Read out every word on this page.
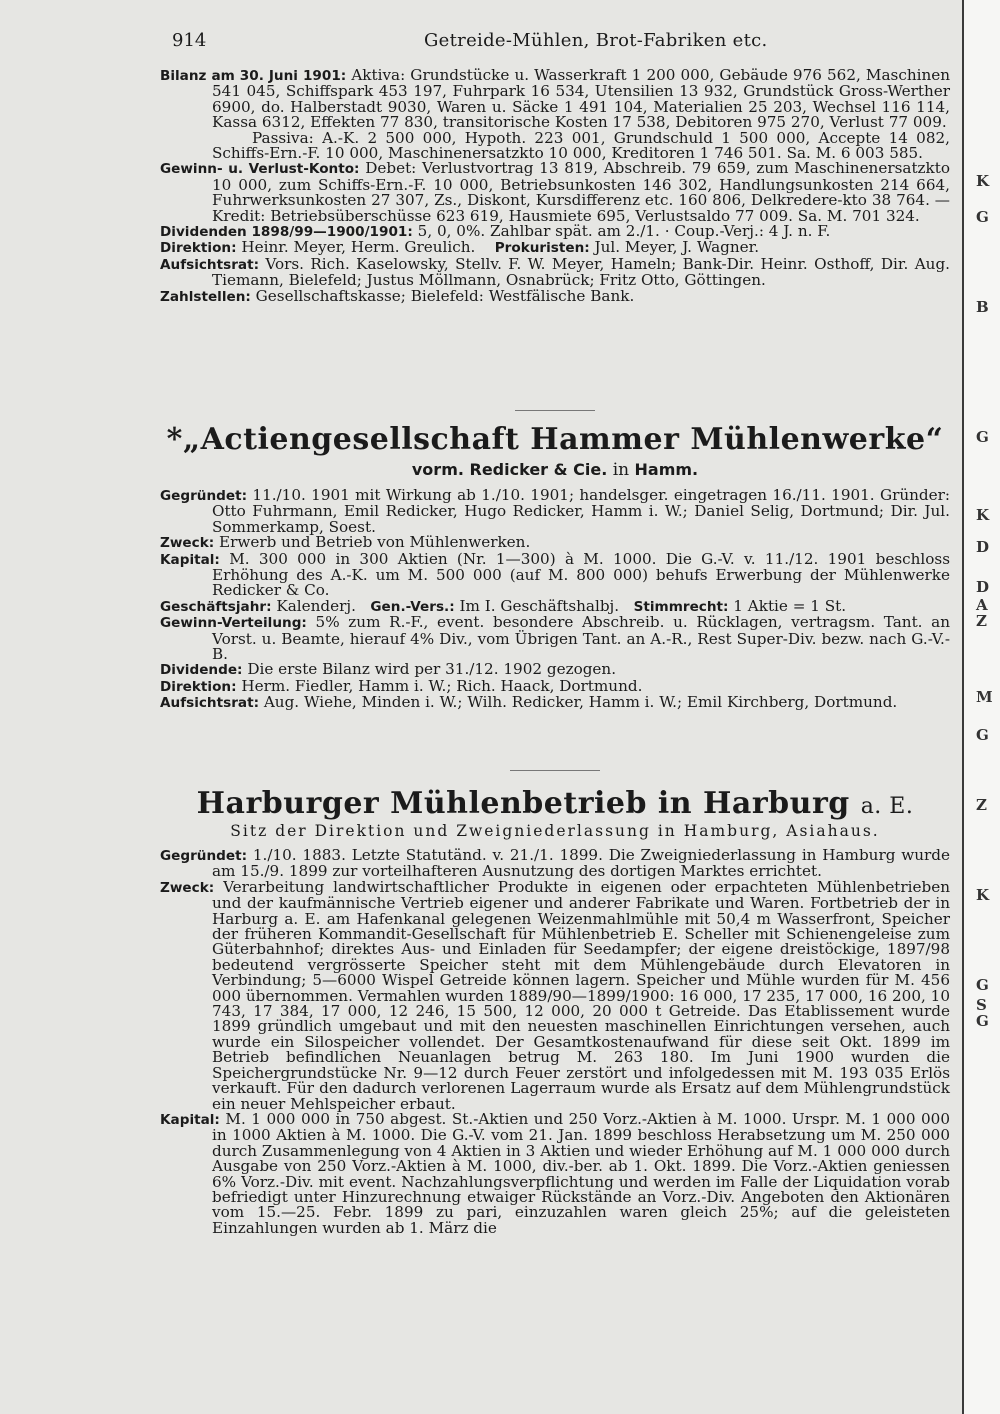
914	Getreide-Mühlen, Brot-Fabriken etc.

Bilanz am 30. Juni 1901: Aktiva: Grundstücke u. Wasserkraft 1 200 000, Gebäude 976 562, Maschinen 541 045, Schiffspark 453 197, Fuhrpark 16 534, Utensilien 13 932, Grundstück Gross-Werther 6900, do. Halberstadt 9030, Waren u. Säcke 1 491 104, Materialien 25 203, Wechsel 116 114, Kassa 6312, Effekten 77 830, transitorische Kosten 17 538, Debitoren 975 270, Verlust 77 009.

Passiva: A.-K. 2 500 000, Hypoth. 223 001, Grundschuld 1 500 000, Accepte 14 082, Schiffs-Ern.-F. 10 000, Maschinenersatzkto 10 000, Kreditoren 1 746 501. Sa. M. 6 003 585.

Gewinn- u. Verlust-Konto: Debet: Verlustvortrag 13 819, Abschreib. 79 659, zum Maschinenersatzkto 10 000, zum Schiffs-Ern.-F. 10 000, Betriebsunkosten 146 302, Handlungsunkosten 214 664, Fuhrwerksunkosten 27 307, Zs., Diskont, Kursdifferenz etc. 160 806, Delkredere-kto 38 764. — Kredit: Betriebsüberschüsse 623 619, Hausmiete 695, Verlustsaldo 77 009. Sa. M. 701 324.

Dividenden 1898/99—1900/1901: 5, 0, 0%. Zahlbar spät. am 2./1. · Coup.-Verj.: 4 J. n. F.

Direktion: Heinr. Meyer, Herm. Greulich. Prokuristen: Jul. Meyer, J. Wagner.

Aufsichtsrat: Vors. Rich. Kaselowsky, Stellv. F. W. Meyer, Hameln; Bank-Dir. Heinr. Osthoff, Dir. Aug. Tiemann, Bielefeld; Justus Möllmann, Osnabrück; Fritz Otto, Göttingen.

Zahlstellen: Gesellschaftskasse; Bielefeld: Westfälische Bank.

*„Actiengesellschaft Hammer Mühlenwerke“
vorm. Redicker & Cie. in Hamm.

Gegründet: 11./10. 1901 mit Wirkung ab 1./10. 1901; handelsger. eingetragen 16./11. 1901. Gründer: Otto Fuhrmann, Emil Redicker, Hugo Redicker, Hamm i. W.; Daniel Selig, Dortmund; Dir. Jul. Sommerkamp, Soest.

Zweck: Erwerb und Betrieb von Mühlenwerken.

Kapital: M. 300 000 in 300 Aktien (Nr. 1—300) à M. 1000. Die G.-V. v. 11./12. 1901 beschloss Erhöhung des A.-K. um M. 500 000 (auf M. 800 000) behufs Erwerbung der Mühlenwerke Redicker & Co.

Geschäftsjahr: Kalenderj. Gen.-Vers.: Im I. Geschäftshalbj. Stimmrecht: 1 Aktie = 1 St.

Gewinn-Verteilung: 5% zum R.-F., event. besondere Abschreib. u. Rücklagen, vertragsm. Tant. an Vorst. u. Beamte, hierauf 4% Div., vom Übrigen Tant. an A.-R., Rest Super-Div. bezw. nach G.-V.-B.

Dividende: Die erste Bilanz wird per 31./12. 1902 gezogen.

Direktion: Herm. Fiedler, Hamm i. W.; Rich. Haack, Dortmund.

Aufsichtsrat: Aug. Wiehe, Minden i. W.; Wilh. Redicker, Hamm i. W.; Emil Kirchberg, Dortmund.

Harburger Mühlenbetrieb in Harburg a. E.
Sitz der Direktion und Zweigniederlassung in Hamburg, Asiahaus.

Gegründet: 1./10. 1883. Letzte Statutänd. v. 21./1. 1899. Die Zweigniederlassung in Hamburg wurde am 15./9. 1899 zur vorteilhafteren Ausnutzung des dortigen Marktes errichtet.

Zweck: Verarbeitung landwirtschaftlicher Produkte in eigenen oder erpachteten Mühlenbetrieben und der kaufmännische Vertrieb eigener und anderer Fabrikate und Waren. Fortbetrieb der in Harburg a. E. am Hafenkanal gelegenen Weizenmahlmühle mit 50,4 m Wasserfront, Speicher der früheren Kommandit-Gesellschaft für Mühlenbetrieb E. Scheller mit Schienengeleise zum Güterbahnhof; direktes Aus- und Einladen für Seedampfer; der eigene dreistöckige, 1897/98 bedeutend vergrösserte Speicher steht mit dem Mühlengebäude durch Elevatoren in Verbindung; 5—6000 Wispel Getreide können lagern. Speicher und Mühle wurden für M. 456 000 übernommen. Vermahlen wurden 1889/90—1899/1900: 16 000, 17 235, 17 000, 16 200, 10 743, 17 384, 17 000, 12 246, 15 500, 12 000, 20 000 t Getreide. Das Etablissement wurde 1899 gründlich umgebaut und mit den neuesten maschinellen Einrichtungen versehen, auch wurde ein Silospeicher vollendet. Der Gesamtkostenaufwand für diese seit Okt. 1899 im Betrieb befindlichen Neuanlagen betrug M. 263 180. Im Juni 1900 wurden die Speichergrundstücke Nr. 9—12 durch Feuer zerstört und infolgedessen mit M. 193 035 Erlös verkauft. Für den dadurch verlorenen Lagerraum wurde als Ersatz auf dem Mühlengrundstück ein neuer Mehlspeicher erbaut.

Kapital: M. 1 000 000 in 750 abgest. St.-Aktien und 250 Vorz.-Aktien à M. 1000. Urspr. M. 1 000 000 in 1000 Aktien à M. 1000. Die G.-V. vom 21. Jan. 1899 beschloss Herabsetzung um M. 250 000 durch Zusammenlegung von 4 Aktien in 3 Aktien und wieder Erhöhung auf M. 1 000 000 durch Ausgabe von 250 Vorz.-Aktien à M. 1000, div.-ber. ab 1. Okt. 1899. Die Vorz.-Aktien geniessen 6% Vorz.-Div. mit event. Nachzahlungsverpflichtung und werden im Falle der Liquidation vorab befriedigt unter Hinzurechnung etwaiger Rückstände an Vorz.-Div. Angeboten den Aktionären vom 15.—25. Febr. 1899 zu pari, einzuzahlen waren gleich 25%; auf die geleisteten Einzahlungen wurden ab 1. März die

K
G
B
G
K
D
D
A
Z
M
G
Z
K
G
S
G
